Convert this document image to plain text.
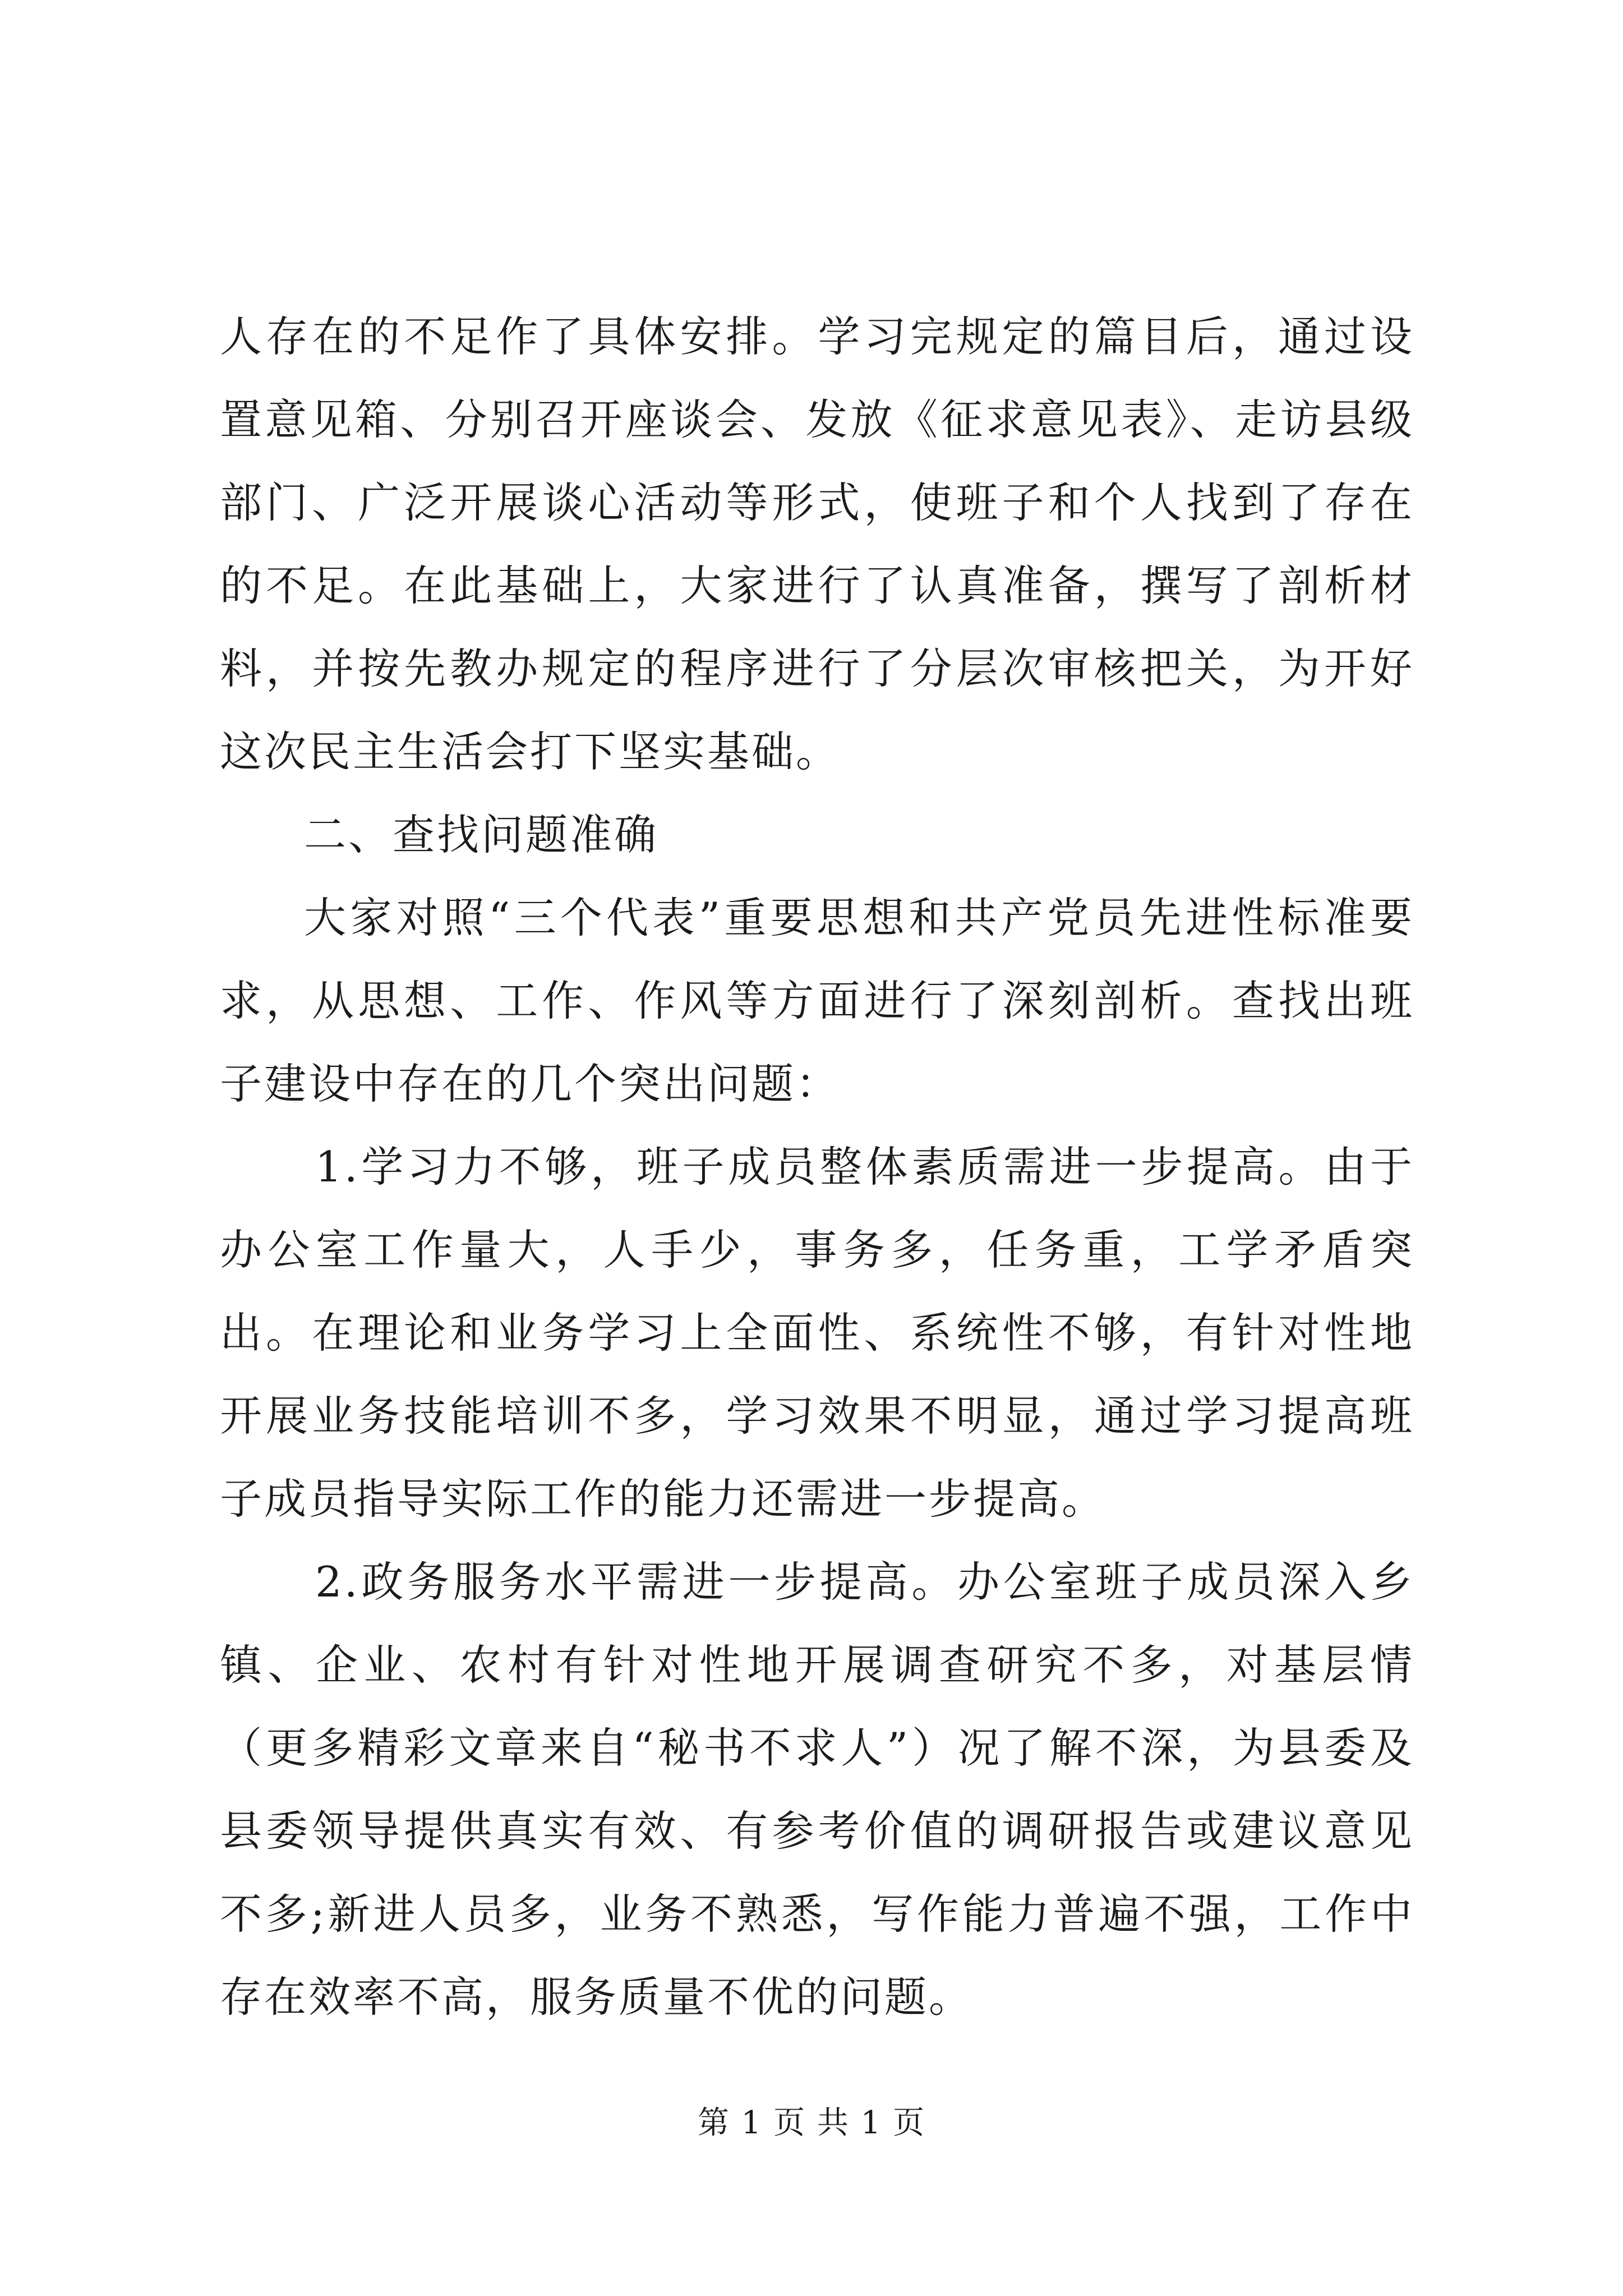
人存在的不足作了具体安排。学习完规定的篇目后，通过设置意见箱、分别召开座谈会、发放《征求意见表》、走访县级部门、广泛开展谈心活动等形式，使班子和个人找到了存在的不足。在此基础上，大家进行了认真准备，撰写了剖析材料，并按先教办规定的程序进行了分层次审核把关，为开好这次民主生活会打下坚实基础。

二、查找问题准确

大家对照“三个代表”重要思想和共产党员先进性标准要求，从思想、工作、作风等方面进行了深刻剖析。查找出班子建设中存在的几个突出问题：

1.学习力不够，班子成员整体素质需进一步提高。由于办公室工作量大，人手少，事务多，任务重，工学矛盾突出。在理论和业务学习上全面性、系统性不够，有针对性地开展业务技能培训不多，学习效果不明显，通过学习提高班子成员指导实际工作的能力还需进一步提高。

2.政务服务水平需进一步提高。办公室班子成员深入乡镇、企业、农村有针对性地开展调查研究不多，对基层情（更多精彩文章来自“秘书不求人”）况了解不深，为县委及县委领导提供真实有效、有参考价值的调研报告或建议意见不多;新进人员多，业务不熟悉，写作能力普遍不强，工作中存在效率不高，服务质量不优的问题。

第 1 页 共 1 页
